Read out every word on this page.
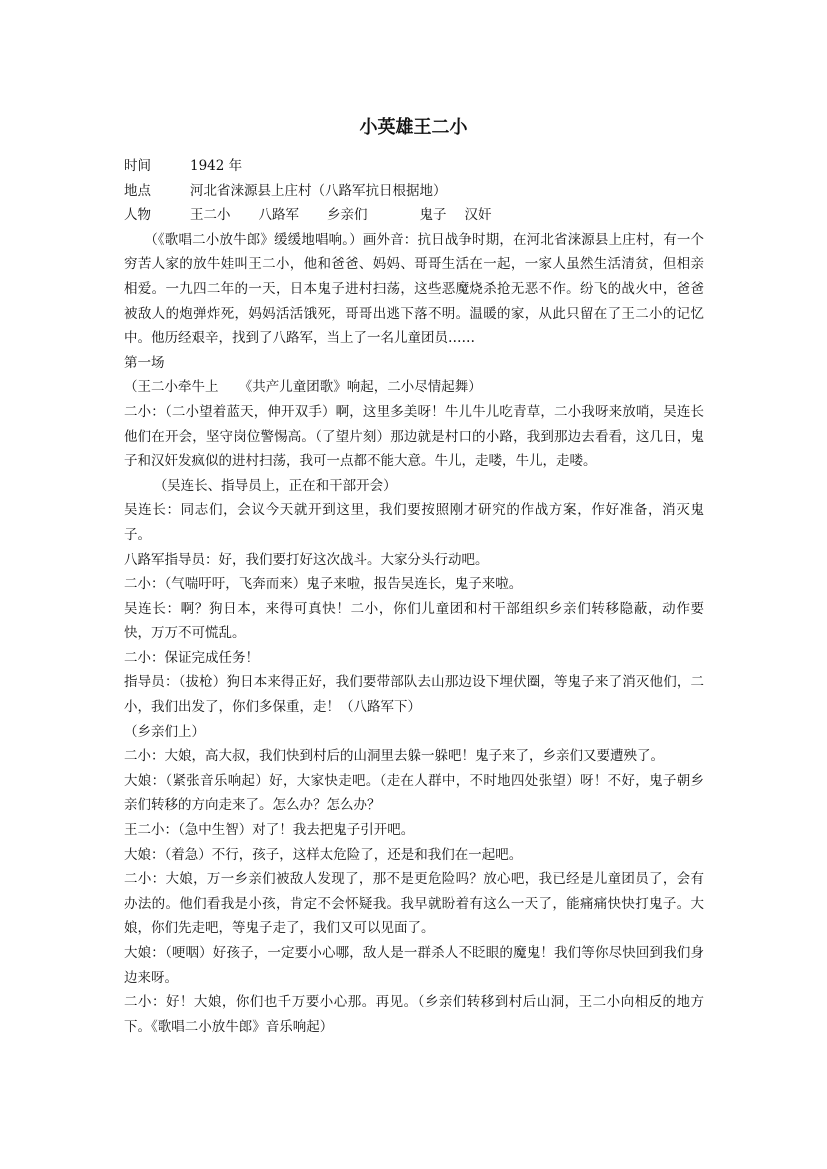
小英雄王二小

时间	1942 年

地点	河北省涞源县上庄村（八路军抗日根据地）

人物	王二小 八路军 乡亲们	鬼子 汉奸

（《歌唱二小放牛郎》缓缓地唱响。）画外音：抗日战争时期，在河北省涞源县上庄村，有一个穷苦人家的放牛娃叫王二小，他和爸爸、妈妈、哥哥生活在一起，一家人虽然生活清贫，但相亲相爱。一九四二年的一天，日本鬼子进村扫荡，这些恶魔烧杀抢无恶不作。纷飞的战火中，爸爸被敌人的炮弹炸死，妈妈活活饿死，哥哥出逃下落不明。温暖的家，从此只留在了王二小的记忆中。他历经艰辛，找到了八路军，当上了一名儿童团员……

第一场

（王二小牵牛上　　《共产儿童团歌》响起，二小尽情起舞）

二小：（二小望着蓝天，伸开双手）啊，这里多美呀！牛儿牛儿吃青草，二小我呀来放哨，吴连长他们在开会，坚守岗位警惕高。（了望片刻）那边就是村口的小路，我到那边去看看，这几日，鬼子和汉奸发疯似的进村扫荡，我可一点都不能大意。牛儿，走喽，牛儿，走喽。

（吴连长、指导员上，正在和干部开会）

吴连长：同志们，会议今天就开到这里，我们要按照刚才研究的作战方案，作好准备，消灭鬼子。

八路军指导员：好，我们要打好这次战斗。大家分头行动吧。

二小：（气喘吁吁，飞奔而来）鬼子来啦，报告吴连长，鬼子来啦。

吴连长：啊？狗日本，来得可真快！二小，你们儿童团和村干部组织乡亲们转移隐蔽，动作要快，万万不可慌乱。

二小：保证完成任务！

指导员：（拔枪）狗日本来得正好，我们要带部队去山那边设下埋伏圈，等鬼子来了消灭他们，二小，我们出发了，你们多保重，走！（八路军下）

（乡亲们上）

二小：大娘，高大叔，我们快到村后的山洞里去躲一躲吧！鬼子来了，乡亲们又要遭殃了。

大娘：（紧张音乐响起）好，大家快走吧。（走在人群中，不时地四处张望）呀！不好，鬼子朝乡亲们转移的方向走来了。怎么办？怎么办？

王二小：（急中生智）对了！我去把鬼子引开吧。

大娘：（着急）不行，孩子，这样太危险了，还是和我们在一起吧。

二小：大娘，万一乡亲们被敌人发现了，那不是更危险吗？放心吧，我已经是儿童团员了，会有办法的。他们看我是小孩，肯定不会怀疑我。我早就盼着有这么一天了，能痛痛快快打鬼子。大娘，你们先走吧，等鬼子走了，我们又可以见面了。

大娘：（哽咽）好孩子，一定要小心哪，敌人是一群杀人不眨眼的魔鬼！我们等你尽快回到我们身边来呀。

二小：好！大娘，你们也千万要小心那。再见。（乡亲们转移到村后山洞，王二小向相反的地方下。《歌唱二小放牛郎》音乐响起）
